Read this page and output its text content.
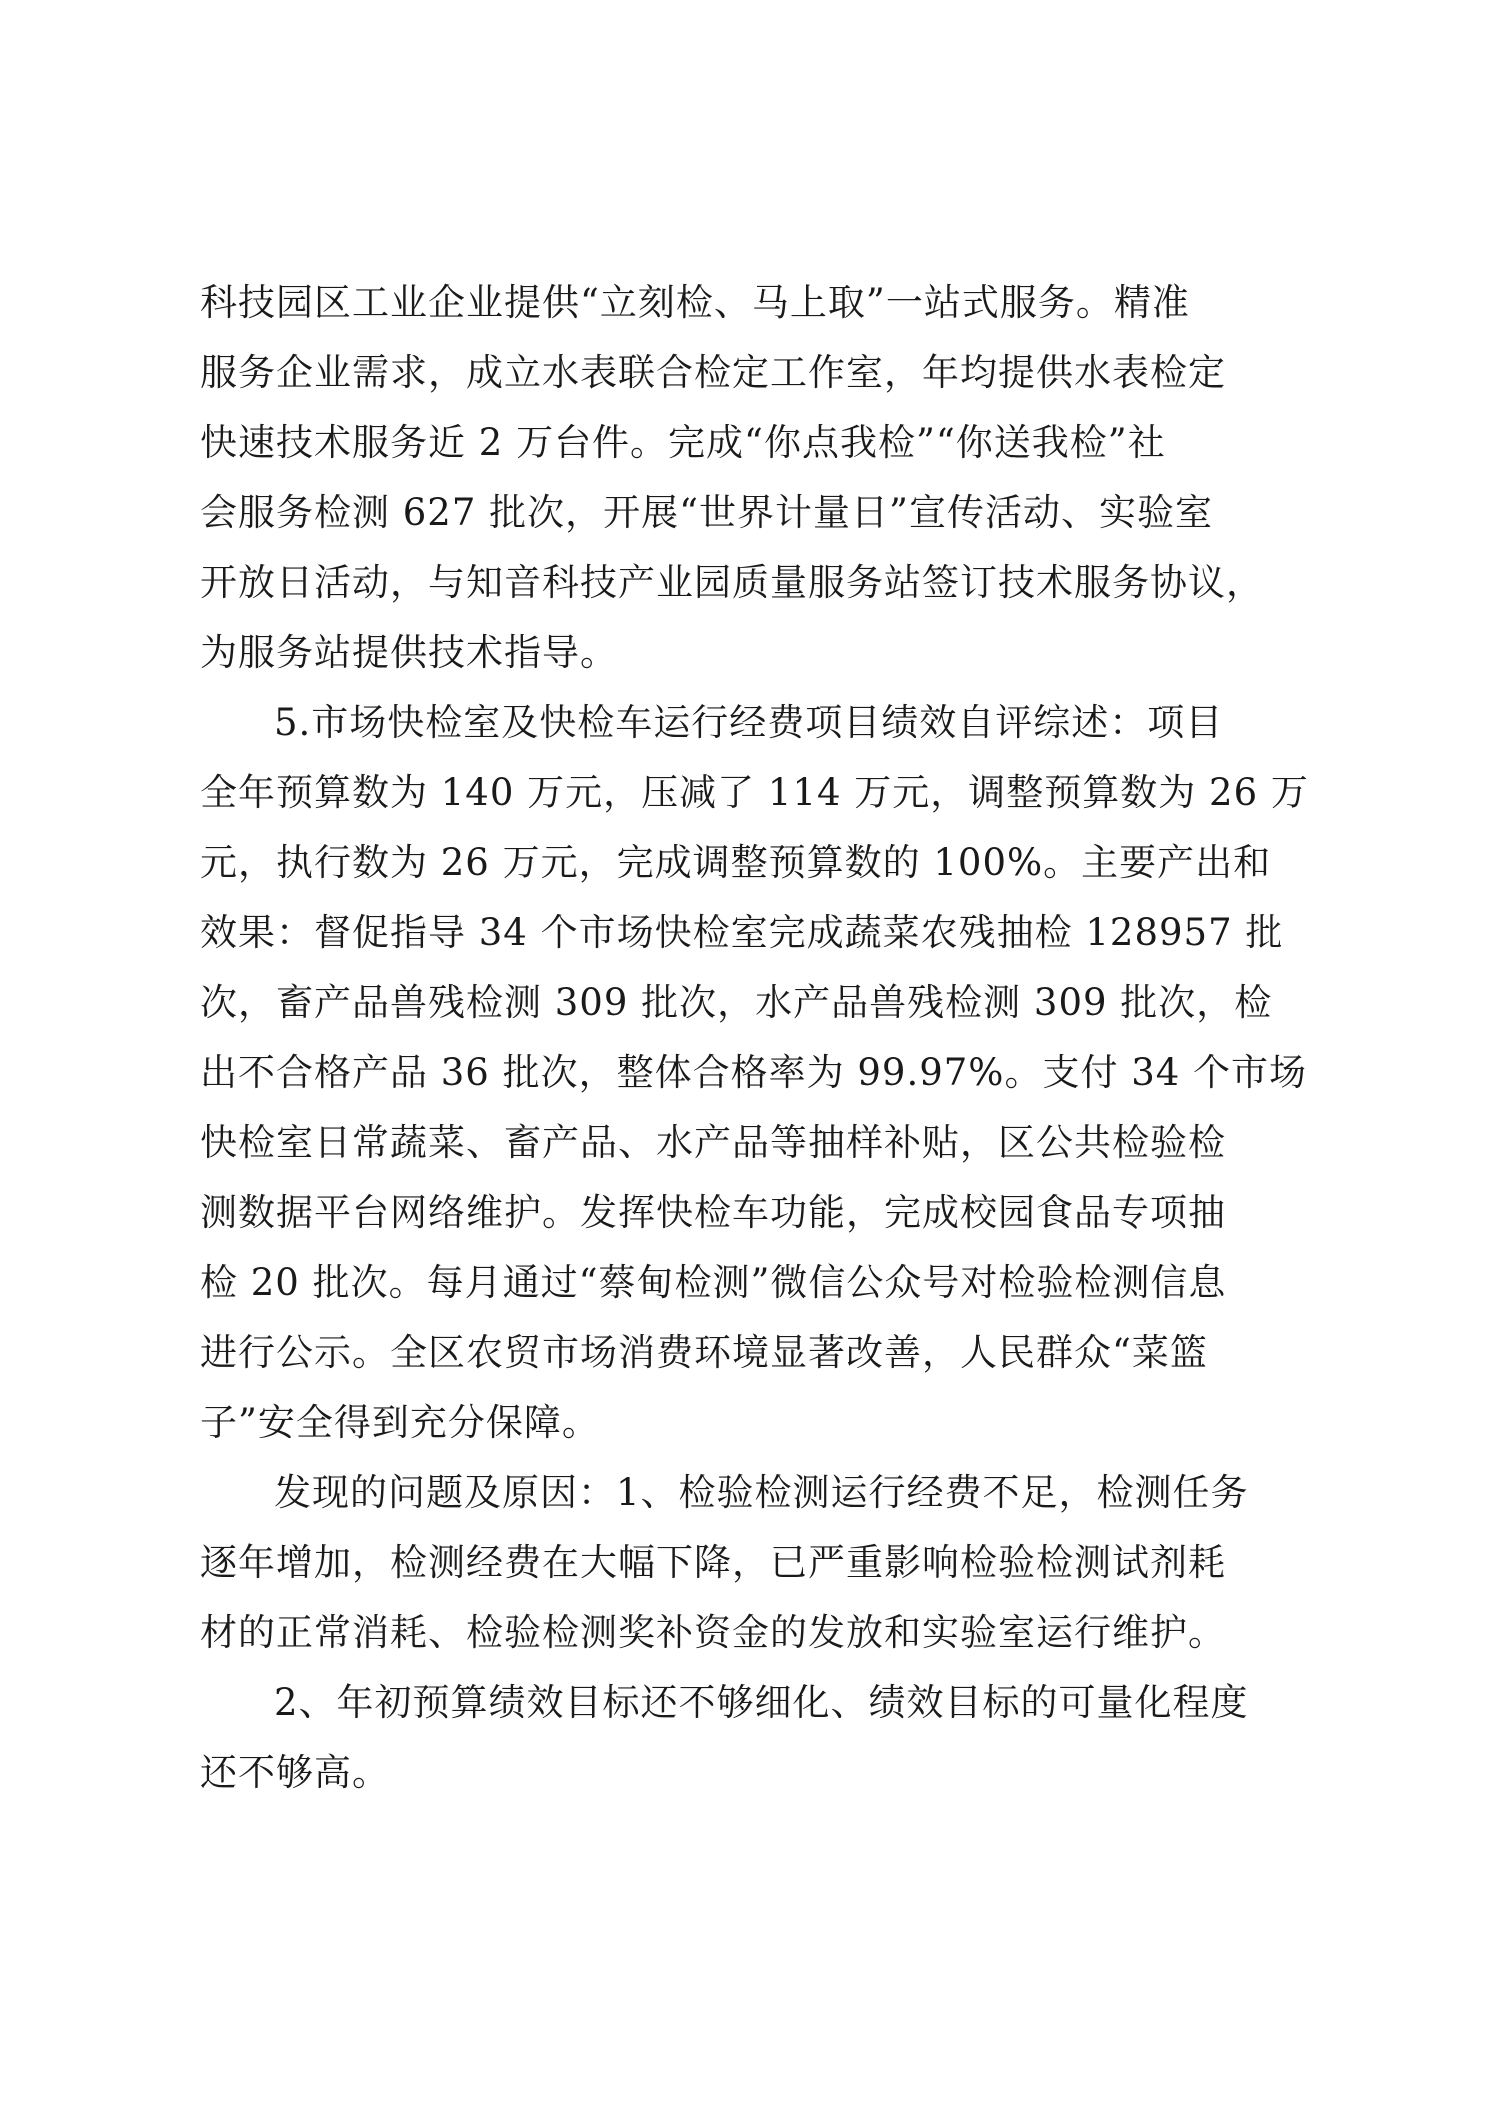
科技园区工业企业提供“立刻检、马上取”一站式服务。精准
服务企业需求，成立水表联合检定工作室，年均提供水表检定
快速技术服务近 2 万台件。完成“你点我检”“你送我检”社
会服务检测 627 批次，开展“世界计量日”宣传活动、实验室
开放日活动，与知音科技产业园质量服务站签订技术服务协议，
为服务站提供技术指导。
5.市场快检室及快检车运行经费项目绩效自评综述：项目
全年预算数为 140 万元，压减了 114 万元，调整预算数为 26 万
元，执行数为 26 万元，完成调整预算数的 100%。主要产出和
效果：督促指导 34 个市场快检室完成蔬菜农残抽检 128957 批
次，畜产品兽残检测 309 批次，水产品兽残检测 309 批次，检
出不合格产品 36 批次，整体合格率为 99.97%。支付 34 个市场
快检室日常蔬菜、畜产品、水产品等抽样补贴，区公共检验检
测数据平台网络维护。发挥快检车功能，完成校园食品专项抽
检 20 批次。每月通过“蔡甸检测”微信公众号对检验检测信息
进行公示。全区农贸市场消费环境显著改善，人民群众“菜篮
子”安全得到充分保障。
发现的问题及原因：1、检验检测运行经费不足，检测任务
逐年增加，检测经费在大幅下降，已严重影响检验检测试剂耗
材的正常消耗、检验检测奖补资金的发放和实验室运行维护。
2、年初预算绩效目标还不够细化、绩效目标的可量化程度
还不够高。
